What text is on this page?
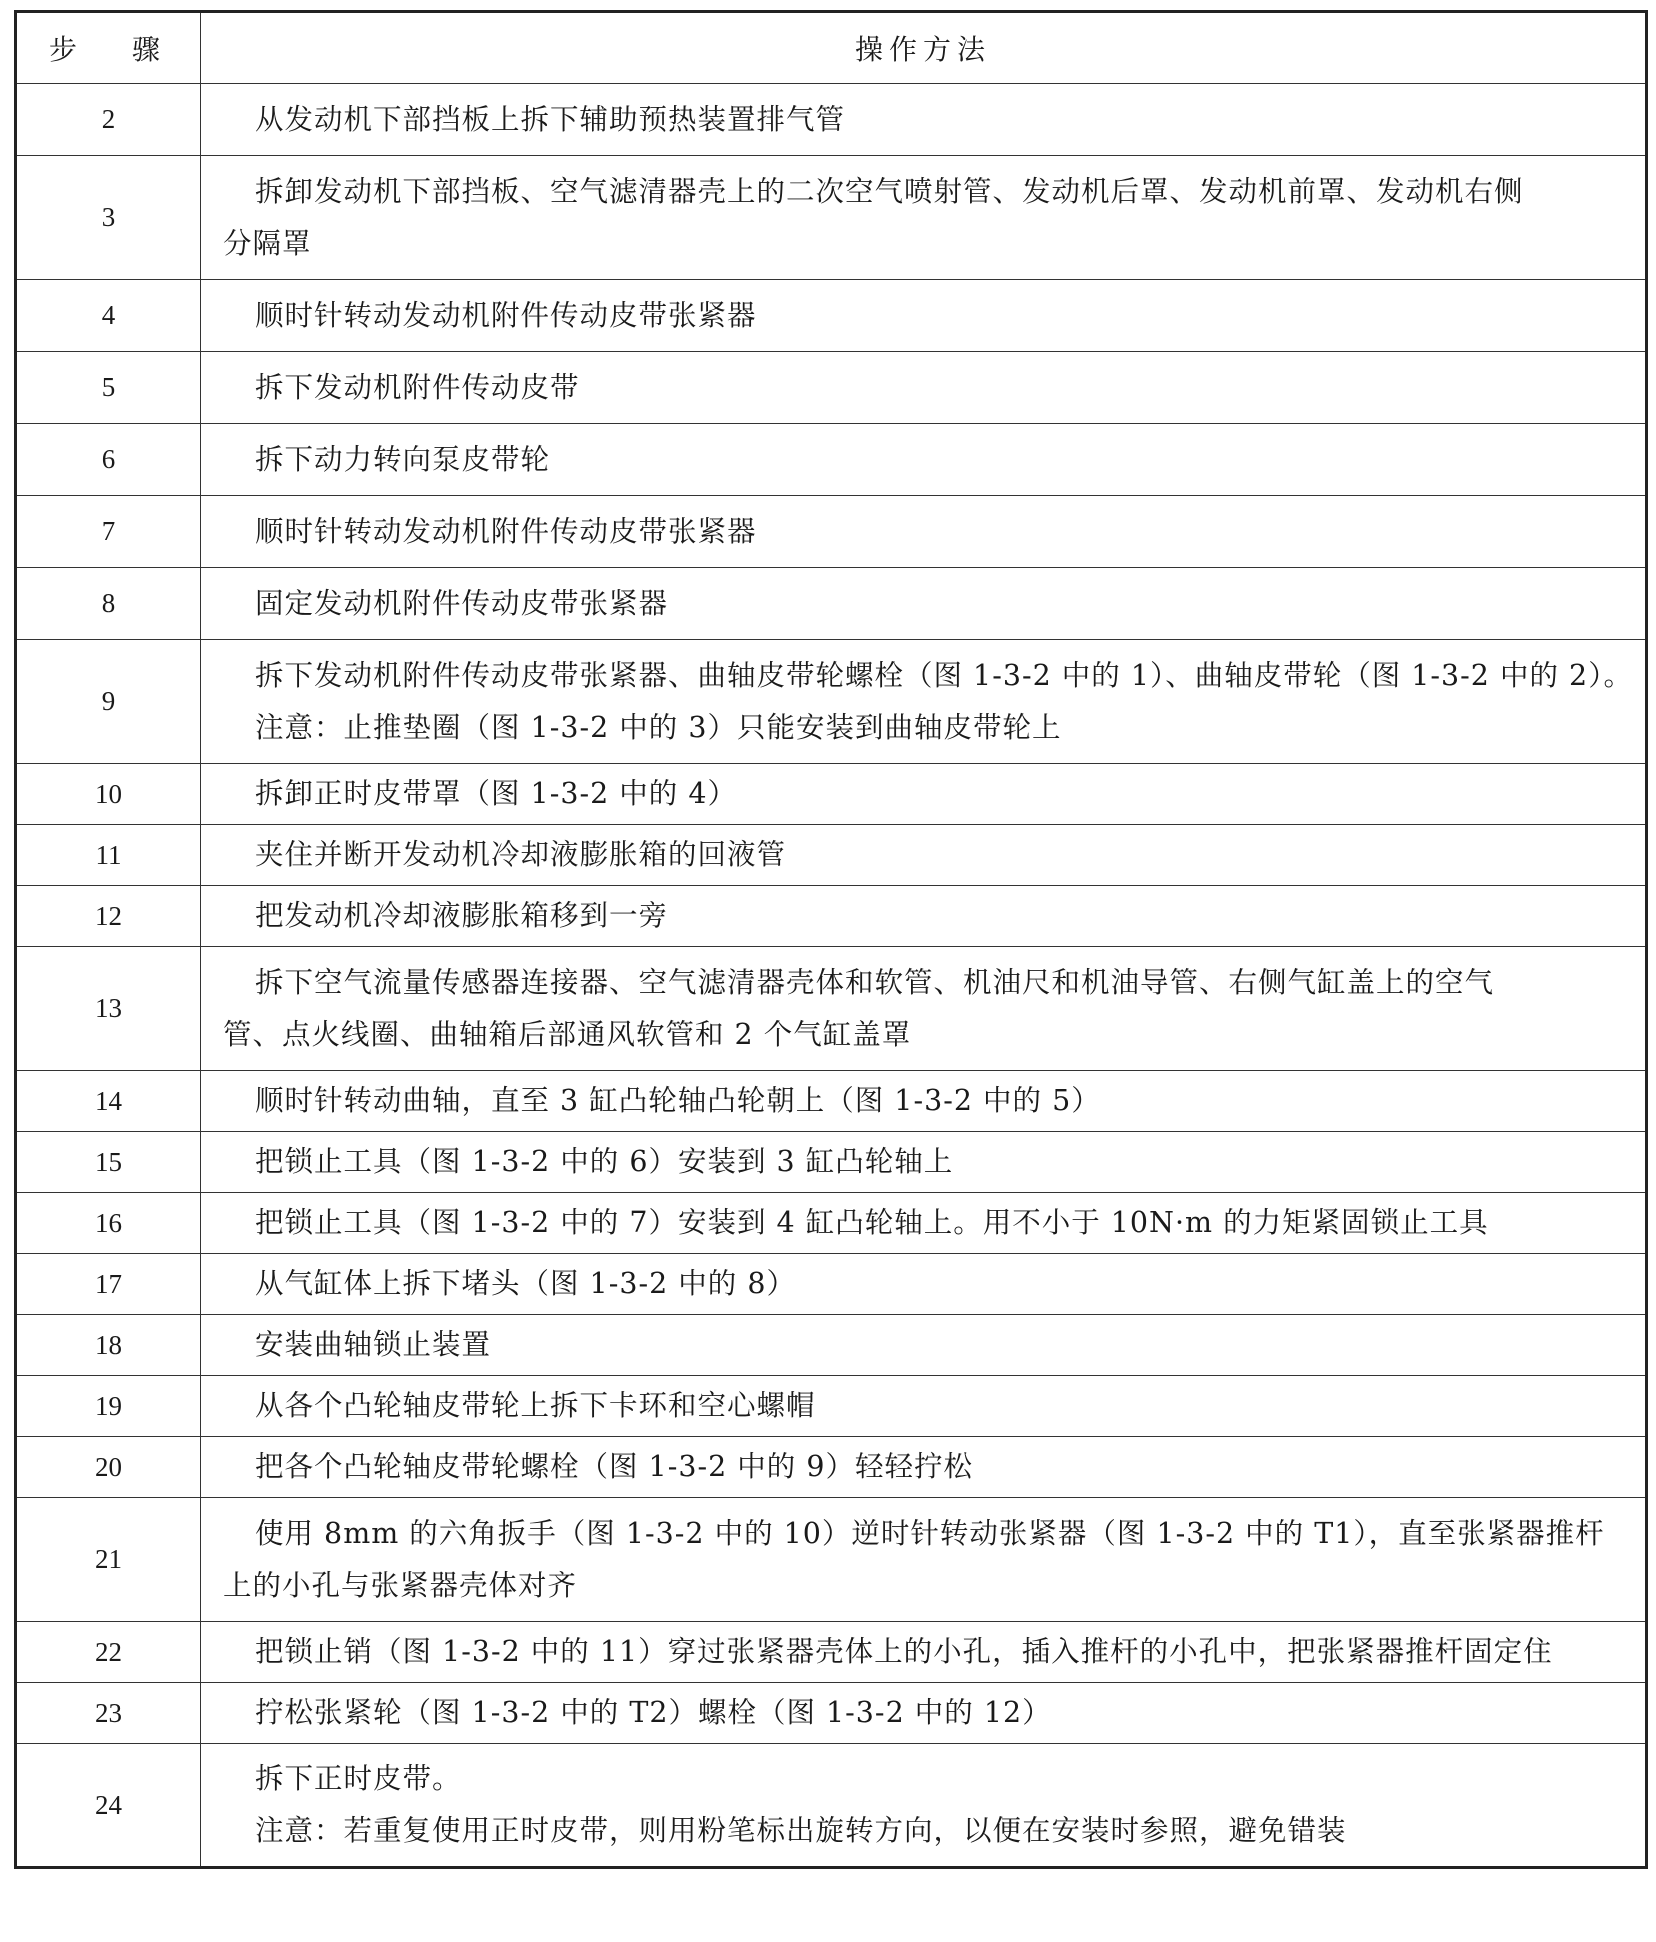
步骤	操作方法
2	从发动机下部挡板上拆下辅助预热装置排气管

3	拆卸发动机下部挡板、空气滤清器壳上的二次空气喷射管、发动机后罩、发动机前罩、发动机右侧
分隔罩

4	顺时针转动发动机附件传动皮带张紧器

5	拆下发动机附件传动皮带

6	拆下动力转向泵皮带轮

7	顺时针转动发动机附件传动皮带张紧器

8	固定发动机附件传动皮带张紧器

9	拆下发动机附件传动皮带张紧器、曲轴皮带轮螺栓（图 1-3-2 中的 1）、曲轴皮带轮（图 1-3-2 中的 2）。
注意：止推垫圈（图 1-3-2 中的 3）只能安装到曲轴皮带轮上

10	拆卸正时皮带罩（图 1-3-2 中的 4）

11	夹住并断开发动机冷却液膨胀箱的回液管

12	把发动机冷却液膨胀箱移到一旁

13	拆下空气流量传感器连接器、空气滤清器壳体和软管、机油尺和机油导管、右侧气缸盖上的空气
管、点火线圈、曲轴箱后部通风软管和 2 个气缸盖罩

14	顺时针转动曲轴，直至 3 缸凸轮轴凸轮朝上（图 1-3-2 中的 5）

15	把锁止工具（图 1-3-2 中的 6）安装到 3 缸凸轮轴上

16	把锁止工具（图 1-3-2 中的 7）安装到 4 缸凸轮轴上。用不小于 10N·m 的力矩紧固锁止工具

17	从气缸体上拆下堵头（图 1-3-2 中的 8）

18	安装曲轴锁止装置

19	从各个凸轮轴皮带轮上拆下卡环和空心螺帽

20	把各个凸轮轴皮带轮螺栓（图 1-3-2 中的 9）轻轻拧松

21	使用 8mm 的六角扳手（图 1-3-2 中的 10）逆时针转动张紧器（图 1-3-2 中的 T1），直至张紧器推杆
上的小孔与张紧器壳体对齐

22	把锁止销（图 1-3-2 中的 11）穿过张紧器壳体上的小孔，插入推杆的小孔中，把张紧器推杆固定住

23	拧松张紧轮（图 1-3-2 中的 T2）螺栓（图 1-3-2 中的 12）

24	拆下正时皮带。
注意：若重复使用正时皮带，则用粉笔标出旋转方向，以便在安装时参照，避免错装
